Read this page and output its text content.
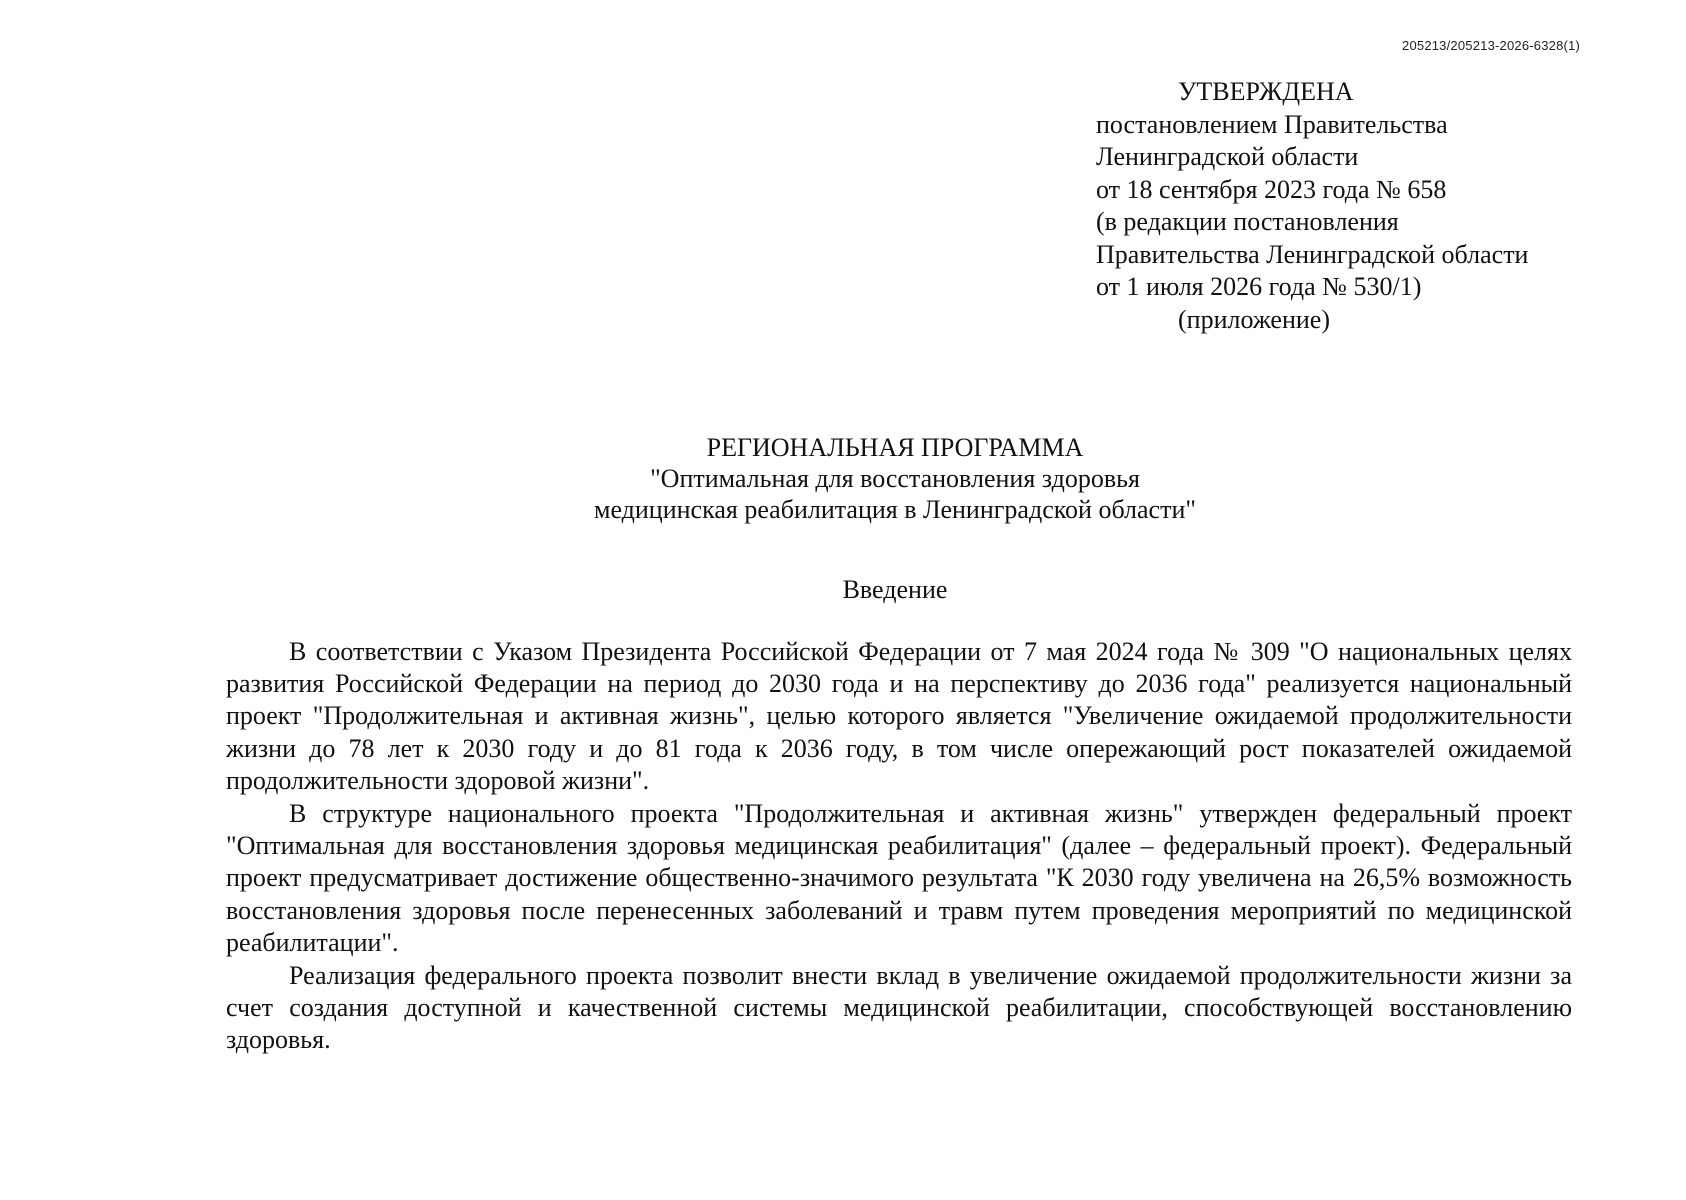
205213/205213-2026-6328(1)
УТВЕРЖДЕНА
постановлением Правительства
Ленинградской области
от 18 сентября 2023 года № 658
(в редакции постановления
Правительства Ленинградской области
от 1 июля 2026 года № 530/1)
(приложение)
РЕГИОНАЛЬНАЯ ПРОГРАММА
"Оптимальная для восстановления здоровья
медицинская реабилитация в Ленинградской области"
Введение

В соответствии с Указом Президента Российской Федерации от 7 мая 2024 года № 309 "О национальных целях развития Российской Федерации на период до 2030 года и на перспективу до 2036 года" реализуется национальный проект "Продолжительная и активная жизнь", целью которого является "Увеличение ожидаемой продолжительности жизни до 78 лет к 2030 году и до 81 года к 2036 году, в том числе опережающий рост показателей ожидаемой продолжительности здоровой жизни".

В структуре национального проекта "Продолжительная и активная жизнь" утвержден федеральный проект "Оптимальная для восстановления здоровья медицинская реабилитация" (далее – федеральный проект). Федеральный проект предусматривает достижение общественно-значимого результата "К 2030 году увеличена на 26,5% возможность восстановления здоровья после перенесенных заболеваний и травм путем проведения мероприятий по медицинской реабилитации".

Реализация федерального проекта позволит внести вклад в увеличение ожидаемой продолжительности жизни за счет создания доступной и качественной системы медицинской реабилитации, способствующей восстановлению здоровья.
